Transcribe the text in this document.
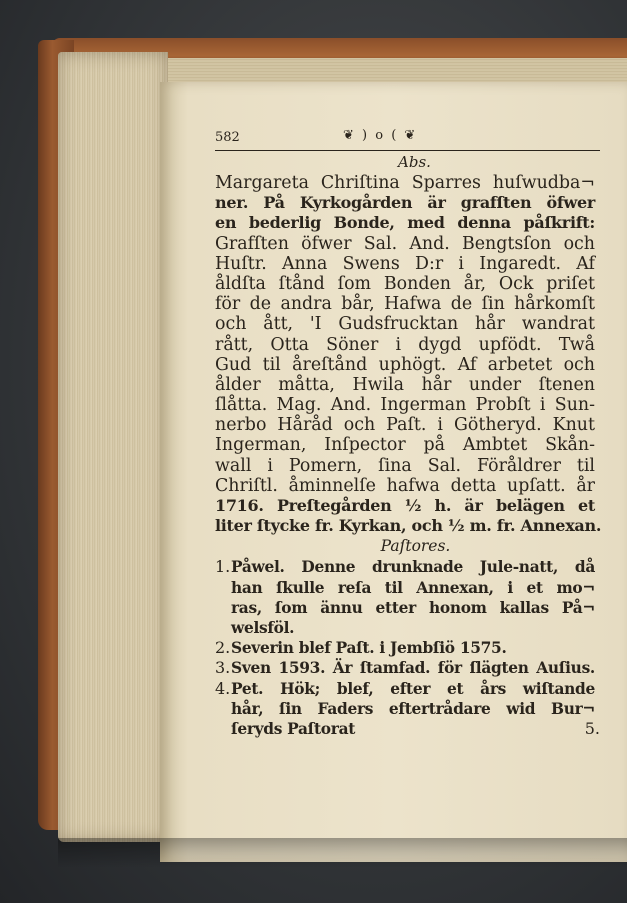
582	❦ ) o ( ❦
Abs.
Margareta Chriſtina Sparres huſwudba¬
ner. På Kyrkogården är grafſten öfwer
en bederlig Bonde, med denna påſkrift:
Grafſten öfwer Sal. And. Bengtsſon och
Huſtr. Anna Swens D:r i Ingaredt. Af
åldſta ſtånd ſom Bonden år, Ock priſet
för de andra bår, Hafwa de ſin hårkomſt
och ått, 'I Gudsfrucktan hår wandrat
rått, Otta Söner i dygd upfödt. Twå
Gud til åreſtånd uphögt. Af arbetet och
ålder måtta, Hwila hår under ſtenen
ſlåtta. Mag. And. Ingerman Probſt i Sun-
nerbo Håråd och Paſt. i Götheryd. Knut
Ingerman, Inſpector på Ambtet Skån-
wall i Pomern, ſina Sal. Föråldrer til
Chriſtl. åminnelſe hafwa detta upſatt. år
1716. Preſtegården ½ h. är belägen et
liter ſtycke fr. Kyrkan, och ½ m. fr. Annexan.
Paſtores.
1. Påwel. Denne drunknade Jule-natt, då
han ſkulle reſa til Annexan, i et mo¬
ras, ſom ännu etter honom kallas På¬
welsföl.
2. Severin blef Paſt. i Jembſiö 1575.
3. Sven 1593. Är ſtamfad. för ſlägten Auſius.
4. Pet. Hök; blef, efter et års wiſtande
hår, ſin Faders eftertrådare wid Bur¬
ſeryds Paſtorat	5.
